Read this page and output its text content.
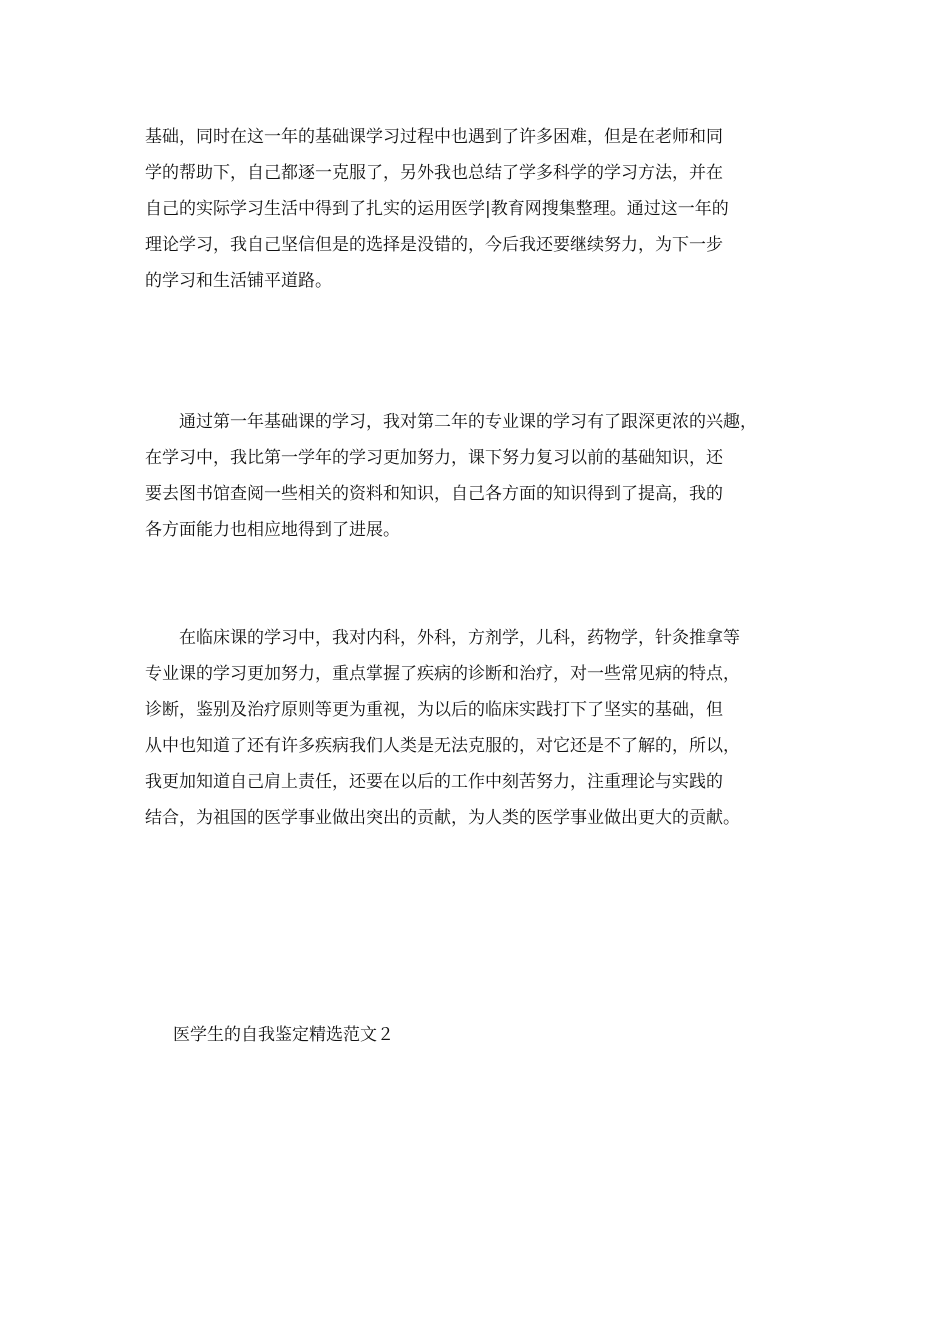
基础，同时在这一年的基础课学习过程中也遇到了许多困难，但是在老师和同
学的帮助下，自己都逐一克服了，另外我也总结了学多科学的学习方法，并在
自己的实际学习生活中得到了扎实的运用医学|教育网搜集整理。通过这一年的
理论学习，我自己坚信但是的选择是没错的，今后我还要继续努力，为下一步
的学习和生活铺平道路。
　　通过第一年基础课的学习，我对第二年的专业课的学习有了跟深更浓的兴趣，
在学习中，我比第一学年的学习更加努力，课下努力复习以前的基础知识，还
要去图书馆查阅一些相关的资料和知识，自己各方面的知识得到了提高，我的
各方面能力也相应地得到了进展。
　　在临床课的学习中，我对内科，外科，方剂学，儿科，药物学，针灸推拿等
专业课的学习更加努力，重点掌握了疾病的诊断和治疗，对一些常见病的特点，
诊断，鉴别及治疗原则等更为重视，为以后的临床实践打下了坚实的基础，但
从中也知道了还有许多疾病我们人类是无法克服的，对它还是不了解的，所以，
我更加知道自己肩上责任，还要在以后的工作中刻苦努力，注重理论与实践的
结合，为祖国的医学事业做出突出的贡献，为人类的医学事业做出更大的贡献。
医学生的自我鉴定精选范文２
